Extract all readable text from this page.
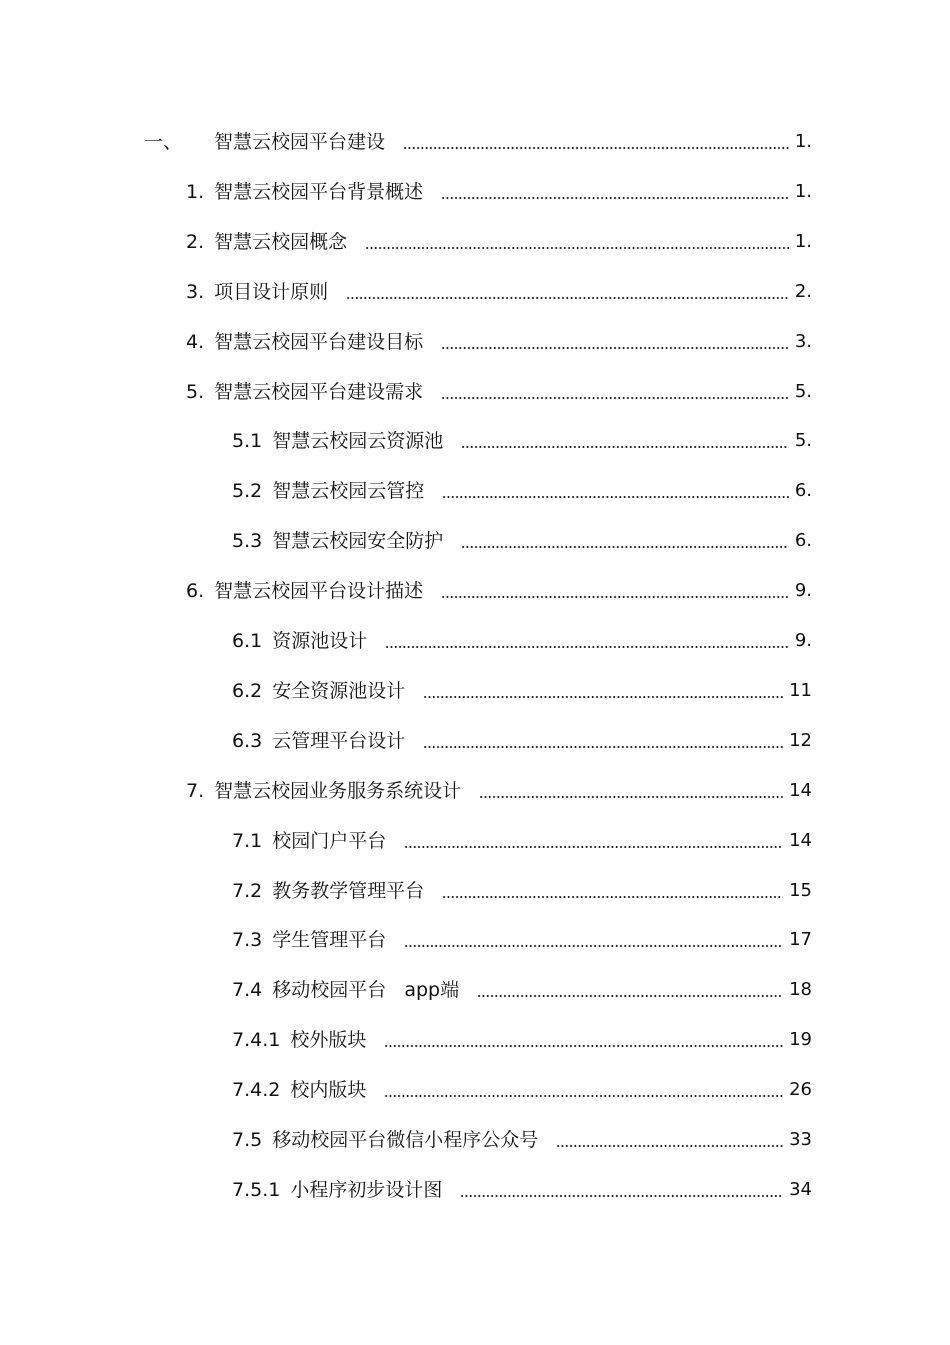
一、 智慧云校园平台建设	1.
1. 智慧云校园平台背景概述	1.
2. 智慧云校园概念	1.
3. 项目设计原则	2.
4. 智慧云校园平台建设目标	3.
5. 智慧云校园平台建设需求	5.
5.1 智慧云校园云资源池	5.
5.2 智慧云校园云管控	6.
5.3 智慧云校园安全防护	6.
6. 智慧云校园平台设计描述	9.
6.1 资源池设计	9.
6.2 安全资源池设计	11
6.3 云管理平台设计	12
7. 智慧云校园业务服务系统设计	14
7.1 校园门户平台	14
7.2 教务教学管理平台	15
7.3 学生管理平台	17
7.4 移动校园平台   app端	18
7.4.1 校外版块	19
7.4.2 校内版块	26
7.5 移动校园平台微信小程序公众号	33
7.5.1 小程序初步设计图	34
